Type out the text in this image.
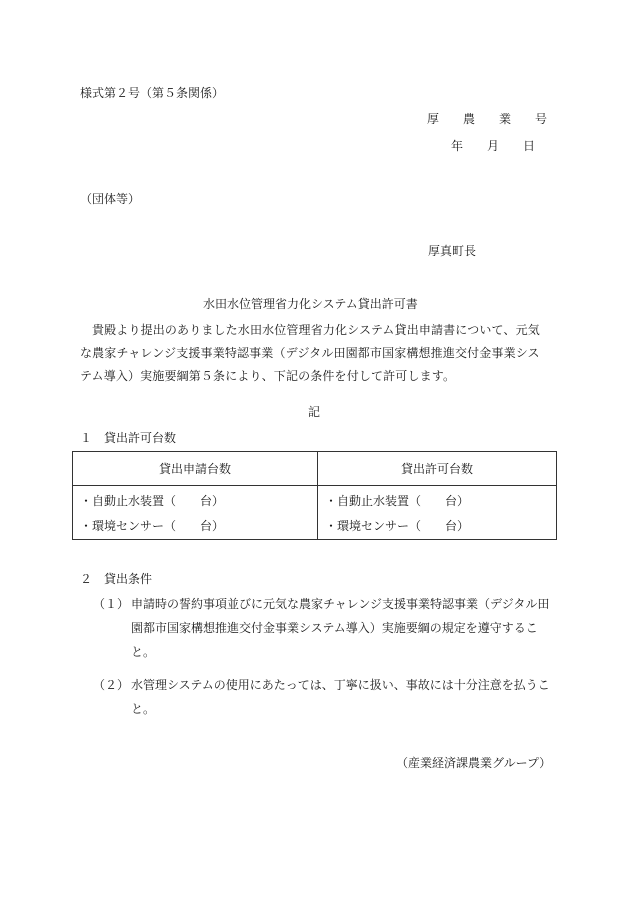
様式第２号（第５条関係）
厚　　農　　業　　号
年　　月　　日
（団体等）
厚真町長
水田水位管理省力化システム貸出許可書
貴殿より提出のありました水田水位管理省力化システム貸出申請書について、元気な農家チャレンジ支援事業特認事業（デジタル田園都市国家構想推進交付金事業システム導入）実施要綱第５条により、下記の条件を付して許可します。
記
１ 貸出許可台数
貸出申請台数	貸出許可台数

・自動止水装置（　　台）	・自動止水装置（　　台）

・環境センサー（　　台）	・環境センサー（　　台）
２ 貸出条件
（１） 申請時の誓約事項並びに元気な農家チャレンジ支援事業特認事業（デジタル田園都市国家構想推進交付金事業システム導入）実施要綱の規定を遵守すること。
（２） 水管理システムの使用にあたっては、丁寧に扱い、事故には十分注意を払うこと。
（産業経済課農業グループ）
